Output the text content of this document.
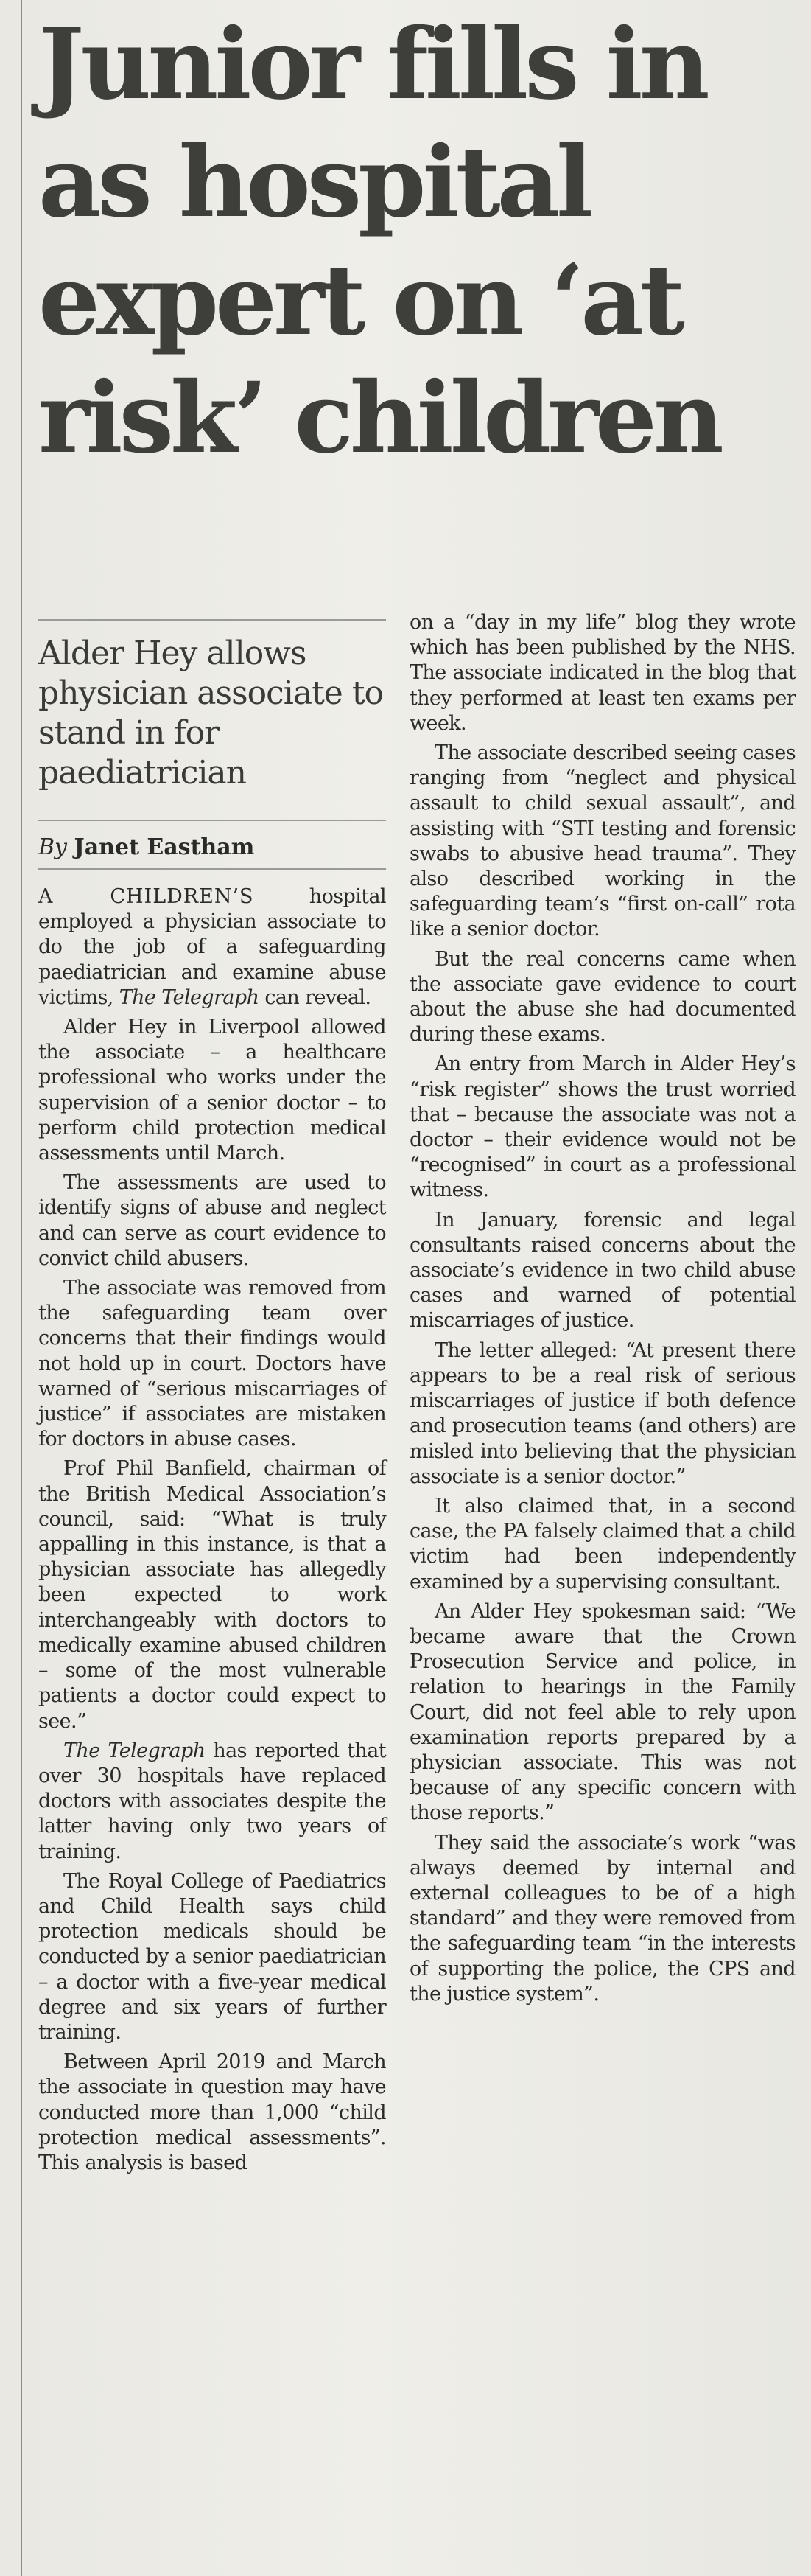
Junior fills in as hospital expert on ‘at risk’ children
Alder Hey allows physician associate to stand in for paediatrician
By Janet Eastham

A CHILDREN’S hospital employed a physician associate to do the job of a safeguarding paediatrician and examine abuse victims, The Telegraph can reveal.

Alder Hey in Liverpool allowed the associate – a healthcare professional who works under the supervision of a senior doctor – to perform child protection medical assessments until March.

The assessments are used to identify signs of abuse and neglect and can serve as court evidence to convict child abusers.

The associate was removed from the safeguarding team over concerns that their findings would not hold up in court. Doctors have warned of “serious miscarriages of justice” if associates are mistaken for doctors in abuse cases.

Prof Phil Banfield, chairman of the British Medical Association’s council, said: “What is truly appalling in this instance, is that a physician associate has allegedly been expected to work interchangeably with doctors to medically examine abused children – some of the most vulnerable patients a doctor could expect to see.”

The Telegraph has reported that over 30 hospitals have replaced doctors with associates despite the latter having only two years of training.

The Royal College of Paediatrics and Child Health says child protection medicals should be conducted by a senior paediatrician – a doctor with a five-year medical degree and six years of further training.

Between April 2019 and March the associate in question may have conducted more than 1,000 “child protection medical assessments”. This analysis is based

on a “day in my life” blog they wrote which has been published by the NHS. The associate indicated in the blog that they performed at least ten exams per week.

The associate described seeing cases ranging from “neglect and physical assault to child sexual assault”, and assisting with “STI testing and forensic swabs to abusive head trauma”. They also described working in the safeguarding team’s “first on-call” rota like a senior doctor.

But the real concerns came when the associate gave evidence to court about the abuse she had documented during these exams.

An entry from March in Alder Hey’s “risk register” shows the trust worried that – because the associate was not a doctor – their evidence would not be “recognised” in court as a professional witness.

In January, forensic and legal consultants raised concerns about the associate’s evidence in two child abuse cases and warned of potential miscarriages of justice.

The letter alleged: “At present there appears to be a real risk of serious miscarriages of justice if both defence and prosecution teams (and others) are misled into believing that the physician associate is a senior doctor.”

It also claimed that, in a second case, the PA falsely claimed that a child victim had been independently examined by a supervising consultant.

An Alder Hey spokesman said: “We became aware that the Crown Prosecution Service and police, in relation to hearings in the Family Court, did not feel able to rely upon examination reports prepared by a physician associate. This was not because of any specific concern with those reports.”

They said the associate’s work “was always deemed by internal and external colleagues to be of a high standard” and they were removed from the safeguarding team “in the interests of supporting the police, the CPS and the justice system”.
